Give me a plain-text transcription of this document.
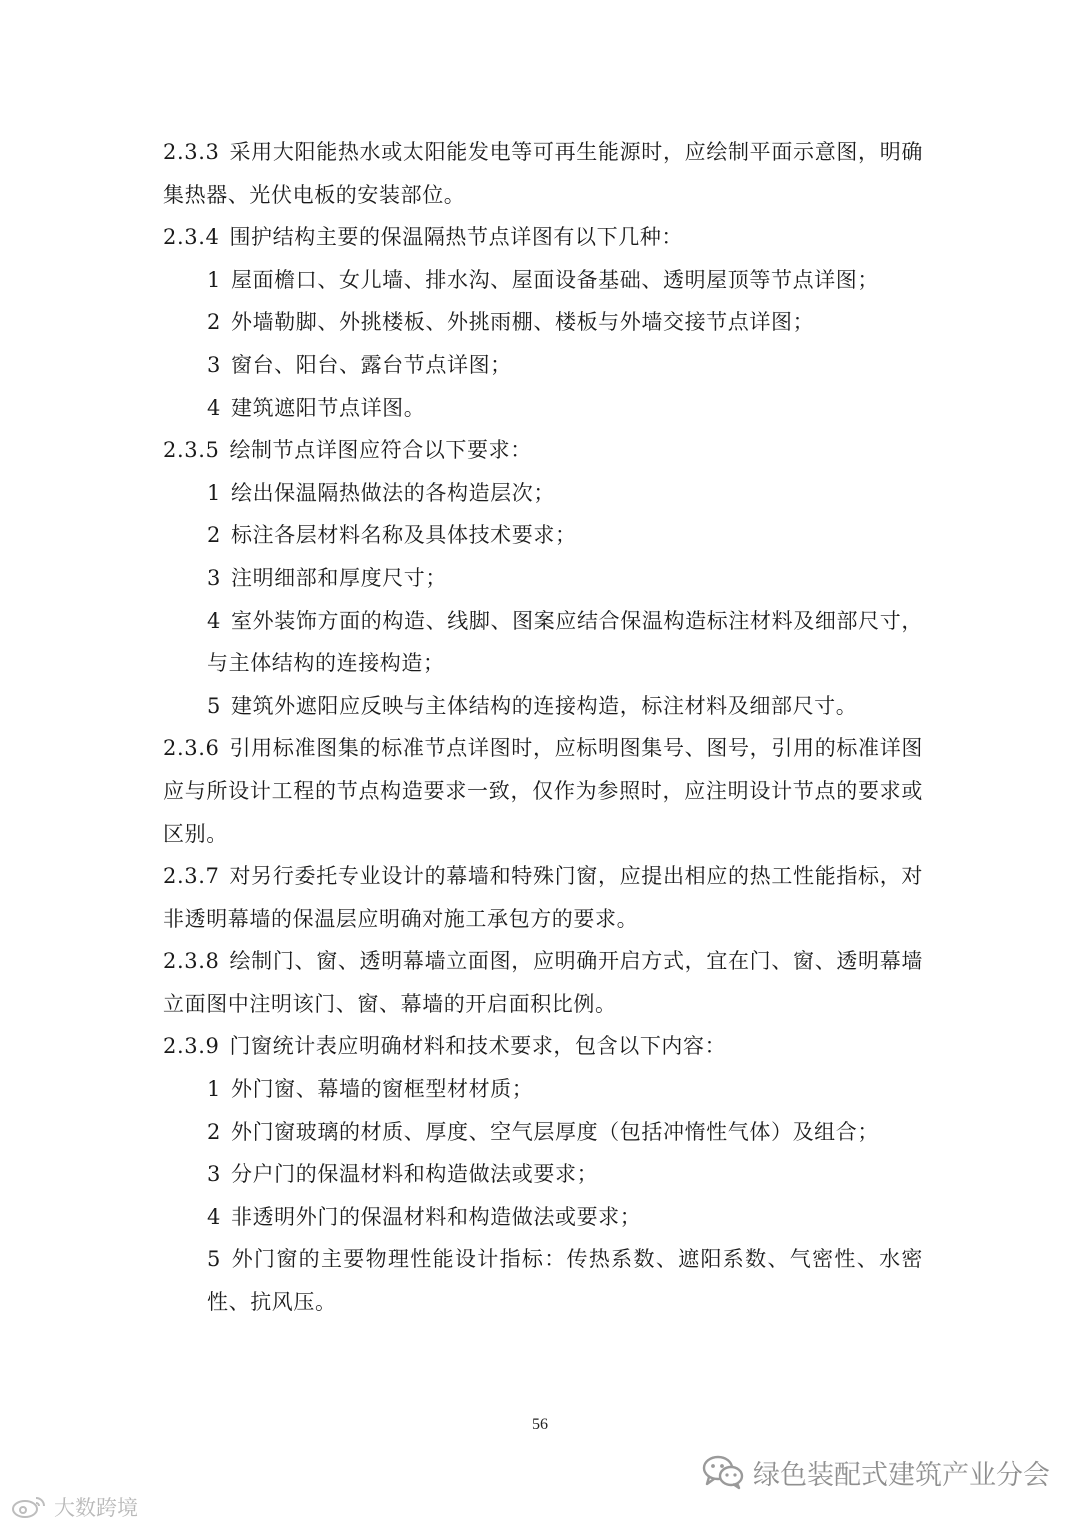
2.3.3 采用大阳能热水或太阳能发电等可再生能源时，应绘制平面示意图，明确集热器、光伏电板的安装部位。

2.3.4 围护结构主要的保温隔热节点详图有以下几种：

1 屋面檐口、女儿墙、排水沟、屋面设备基础、透明屋顶等节点详图；

2 外墙勒脚、外挑楼板、外挑雨棚、楼板与外墙交接节点详图；

3 窗台、阳台、露台节点详图；

4 建筑遮阳节点详图。

2.3.5 绘制节点详图应符合以下要求：

1 绘出保温隔热做法的各构造层次；

2 标注各层材料名称及具体技术要求；

3 注明细部和厚度尺寸；

4 室外装饰方面的构造、线脚、图案应结合保温构造标注材料及细部尺寸，与主体结构的连接构造；

5 建筑外遮阳应反映与主体结构的连接构造，标注材料及细部尺寸。

2.3.6 引用标准图集的标准节点详图时，应标明图集号、图号，引用的标准详图应与所设计工程的节点构造要求一致，仅作为参照时，应注明设计节点的要求或区别。

2.3.7 对另行委托专业设计的幕墙和特殊门窗，应提出相应的热工性能指标，对非透明幕墙的保温层应明确对施工承包方的要求。

2.3.8 绘制门、窗、透明幕墙立面图，应明确开启方式，宜在门、窗、透明幕墙立面图中注明该门、窗、幕墙的开启面积比例。

2.3.9 门窗统计表应明确材料和技术要求，包含以下内容：

1 外门窗、幕墙的窗框型材材质；

2 外门窗玻璃的材质、厚度、空气层厚度（包括冲惰性气体）及组合；

3 分户门的保温材料和构造做法或要求；

4 非透明外门的保温材料和构造做法或要求；

5 外门窗的主要物理性能设计指标：传热系数、遮阳系数、气密性、水密性、抗风压。

56
绿色装配式建筑产业分会
大数跨境
